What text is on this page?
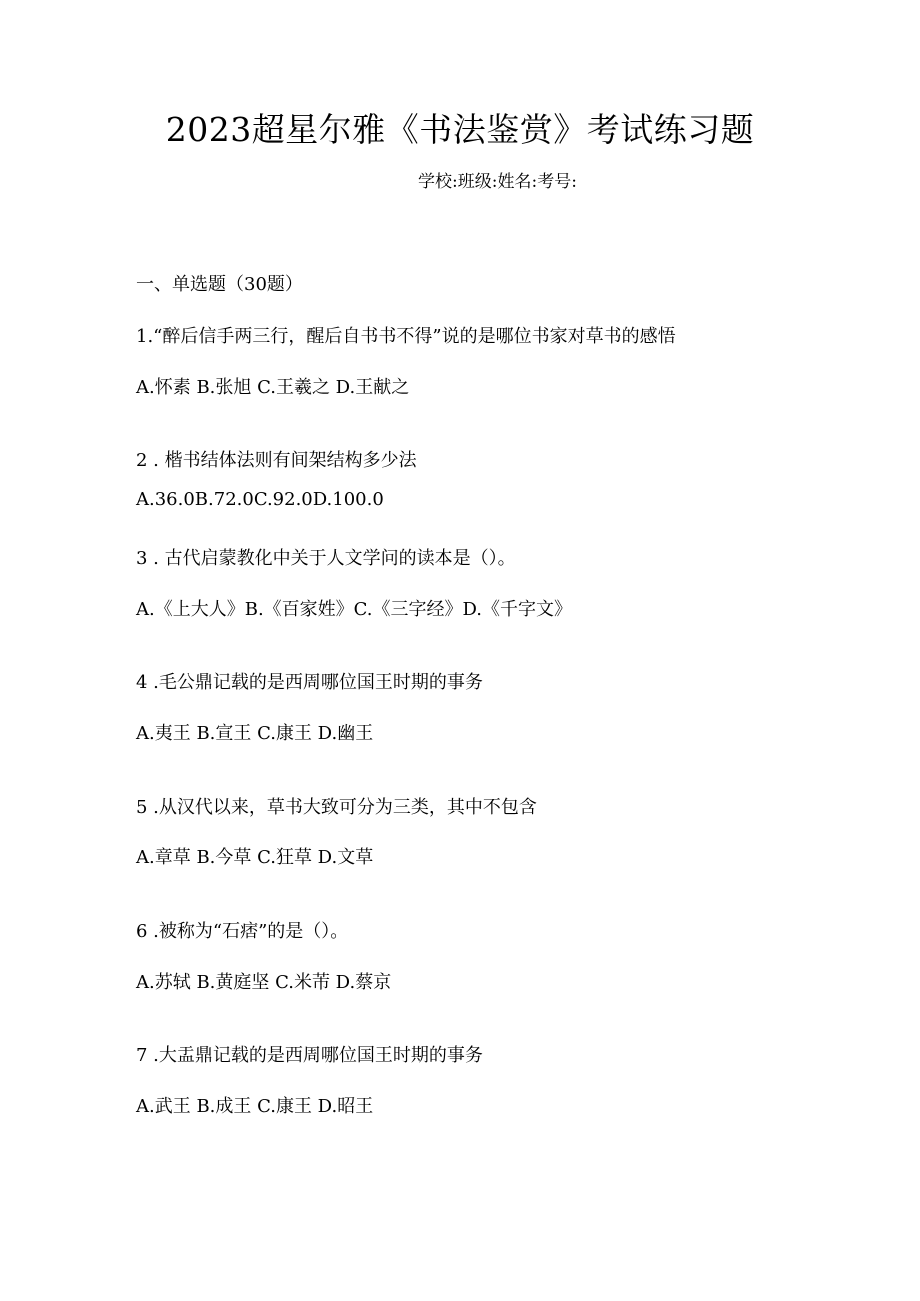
2023超星尔雅《书法鉴赏》考试练习题
学校:班级:姓名:考号:
一、单选题（30题）
1.“醉后信手两三行，醒后自书书不得”说的是哪位书家对草书的感悟
A.怀素 B.张旭 C.王羲之 D.王献之
2 . 楷书结体法则有间架结构多少法
A.36.0B.72.0C.92.0D.100.0
3 . 古代启蒙教化中关于人文学问的读本是（）。
A.《上大人》B.《百家姓》C.《三字经》D.《千字文》
4 .毛公鼎记载的是西周哪位国王时期的事务
A.夷王 B.宣王 C.康王 D.幽王
5 .从汉代以来，草书大致可分为三类，其中不包含
A.章草 B.今草 C.狂草 D.文草
6 .被称为“石痞”的是（）。
A.苏轼 B.黄庭坚 C.米芾 D.蔡京
7 .大盂鼎记载的是西周哪位国王时期的事务
A.武王 B.成王 C.康王 D.昭王
